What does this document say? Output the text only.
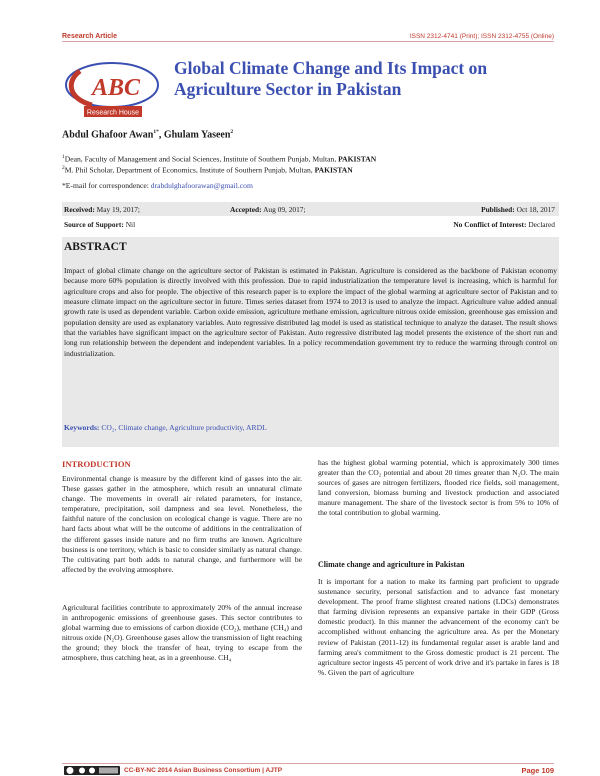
Research Article	ISSN 2312-4741 (Print); ISSN 2312-4755 (Online)
ABC
Research House
Global Climate Change and Its Impact on Agriculture Sector in Pakistan
Abdul Ghafoor Awan$^{1*}$, Ghulam Yaseen$^2$
$^1$Dean, Faculty of Management and Social Sciences, Institute of Southern Punjab, Multan, PAKISTAN
$^2$M. Phil Scholar, Department of Economics, Institute of Southern Punjab, Multan, PAKISTAN
*E-mail for correspondence: drabdulghafoorawan@gmail.com
Received: May 19, 2017;	Accepted: Aug 09, 2017;	Published: Oct 18, 2017
Source of Support: Nil	No Conflict of Interest: Declared
ABSTRACT
Impact of global climate change on the agriculture sector of Pakistan is estimated in Pakistan. Agriculture is considered as the backbone of Pakistan economy because more 60% population is directly involved with this profession. Due to rapid industrialization the temperature level is increasing, which is harmful for agriculture crops and also for people. The objective of this research paper is to explore the impact of the global warming at agriculture sector of Pakistan and to measure climate impact on the agriculture sector in future. Times series dataset from 1974 to 2013 is used to analyze the impact. Agriculture value added annual growth rate is used as dependent variable. Carbon oxide emission, agriculture methane emission, agriculture nitrous oxide emission, greenhouse gas emission and population density are used as explanatory variables. Auto regressive distributed lag model is used as statistical technique to analyze the dataset. The result shows that the variables have significant impact on the agriculture sector of Pakistan. Auto regressive distributed lag model presents the existence of the short run and long run relationship between the dependent and independent variables. In a policy recommendation government try to reduce the warming through control on industrialization.
Keywords: CO₂, Climate change, Agriculture productivity, ARDL
INTRODUCTION
Environmental change is measure by the different kind of gasses into the air. These gasses gather in the atmosphere, which result an unnatural climate change. The movements in overall air related parameters, for instance, temperature, precipitation, soil dampness and sea level. Nonetheless, the faithful nature of the conclusion on ecological change is vague. There are no hard facts about what will be the outcome of additions in the centralization of the different gasses inside nature and no firm truths are known. Agriculture business is one territory, which is basic to consider similarly as natural change. The cultivating part both adds to natural change, and furthermore will be affected by the evolving atmosphere.
Agricultural facilities contribute to approximately 20% of the annual increase in anthropogenic emissions of greenhouse gases. This sector contributes to global warming due to emissions of carbon dioxide (CO₂), methane (CH₄) and nitrous oxide (N₂O). Greenhouse gases allow the transmission of light reaching the ground; they block the transfer of heat, trying to escape from the atmosphere, thus catching heat, as in a greenhouse. CH₄
has the highest global warming potential, which is approximately 300 times greater than the CO₂ potential and about 20 times greater than N₂O. The main sources of gases are nitrogen fertilizers, flooded rice fields, soil management, land conversion, biomass burning and livestock production and associated manure management. The share of the livestock sector is from 5% to 10% of the total contribution to global warming.
Climate change and agriculture in Pakistan
It is important for a nation to make its farming part proficient to upgrade sustenance security, personal satisfaction and to advance fast monetary development. The proof frame slightest created nations (LDCs) demonstrates that farming division represents an expansive partake in their GDP (Gross domestic product). In this manner the advancement of the economy can't be accomplished without enhancing the agriculture area. As per the Monetary review of Pakistan (2011-12) its fundamental regular asset is arable land and farming area's commitment to the Gross domestic product is 21 percent. The agriculture sector ingests 45 percent of work drive and it's partake in fares is 18 %. Given the part of agriculture
CC-BY-NC 2014 Asian Business Consortium | AJTP	Page 109
